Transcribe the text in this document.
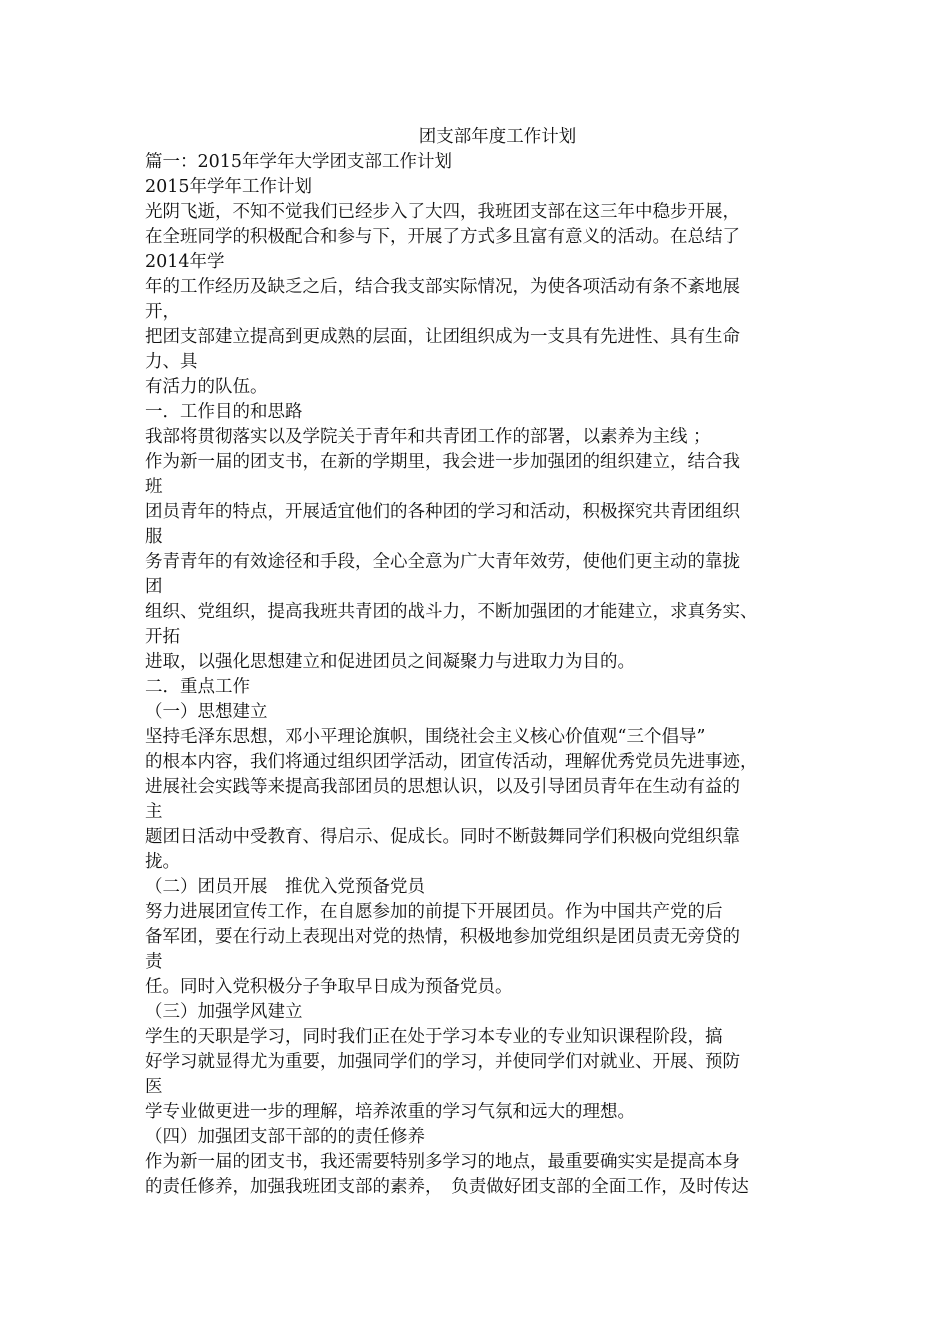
团支部年度工作计划

篇一：2015年学年大学团支部工作计划

2015年学年工作计划

光阴飞逝，不知不觉我们已经步入了大四，我班团支部在这三年中稳步开展，

在全班同学的积极配合和参与下，开展了方式多且富有意义的活动。在总结了

2014年学

年的工作经历及缺乏之后，结合我支部实际情况，为使各项活动有条不紊地展

开，

把团支部建立提高到更成熟的层面，让团组织成为一支具有先进性、具有生命

力、具

有活力的队伍。

一．工作目的和思路

我部将贯彻落实以及学院关于青年和共青团工作的部署，以素养为主线 ；

作为新一届的团支书，在新的学期里，我会进一步加强团的组织建立，结合我

班

团员青年的特点，开展适宜他们的各种团的学习和活动，积极探究共青团组织

服

务青青年的有效途径和手段，全心全意为广大青年效劳，使他们更主动的靠拢

团

组织、党组织，提高我班共青团的战斗力，不断加强团的才能建立，求真务实、

开拓

进取，以强化思想建立和促进团员之间凝聚力与进取力为目的。

二．重点工作

（一）思想建立

坚持毛泽东思想，邓小平理论旗帜，围绕社会主义核心价值观“三个倡导”

的根本内容，我们将通过组织团学活动，团宣传活动，理解优秀党员先进事迹，

进展社会实践等来提高我部团员的思想认识，以及引导团员青年在生动有益的

主

题团日活动中受教育、得启示、促成长。同时不断鼓舞同学们积极向党组织靠

拢。

（二）团员开展　推优入党预备党员

努力进展团宣传工作，在自愿参加的前提下开展团员。作为中国共产党的后

备军团，要在行动上表现出对党的热情，积极地参加党组织是团员责无旁贷的

责

任。同时入党积极分子争取早日成为预备党员。

（三）加强学风建立

学生的天职是学习，同时我们正在处于学习本专业的专业知识课程阶段，搞

好学习就显得尤为重要，加强同学们的学习，并使同学们对就业、开展、预防

医

学专业做更进一步的理解，培养浓重的学习气氛和远大的理想。

（四）加强团支部干部的的责任修养

作为新一届的团支书，我还需要特别多学习的地点，最重要确实实是提高本身

的责任修养，加强我班团支部的素养，　负责做好团支部的全面工作，及时传达
